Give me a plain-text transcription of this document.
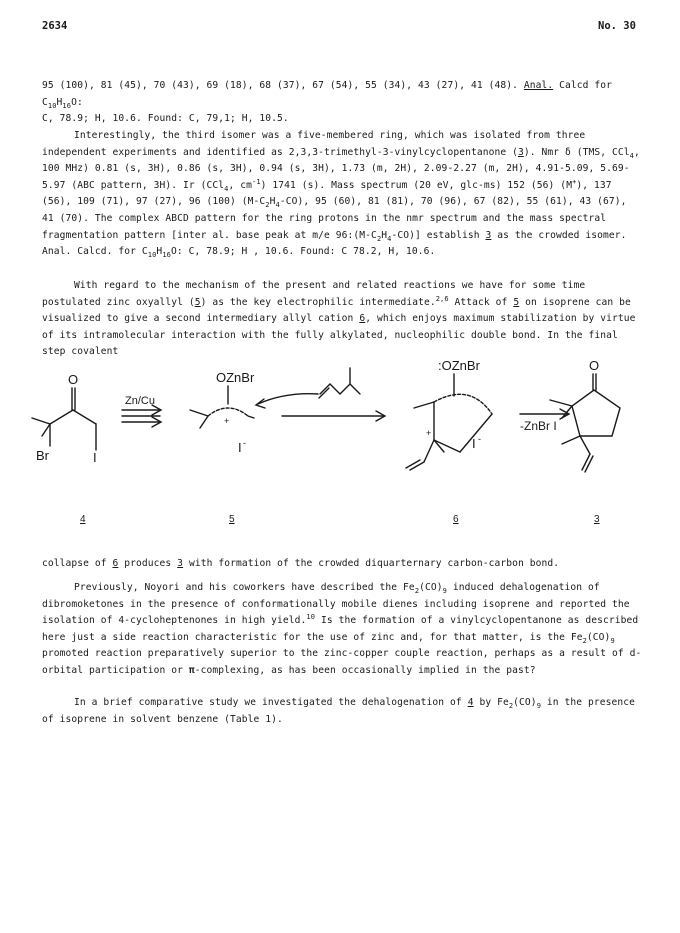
2634	No. 30

95 (100), 81 (45), 70 (43), 69 (18), 68 (37), 67 (54), 55 (34), 43 (27), 41 (48). Anal. Calcd for $C_{10}H_{16}O$:

C, 78.9; H, 10.6. Found: C, 79,1; H, 10.5.

Interestingly, the third isomer was a five-membered ring, which was isolated from three independent experiments and identified as 2,3,3-trimethyl-3-vinylcyclopentanone (3). Nmr δ (TMS, CCl$_4$, 100 MHz) 0.81 (s, 3H), 0.86 (s, 3H), 0.94 (s, 3H), 1.73 (m, 2H), 2.09-2.27 (m, 2H), 4.91-5.09, 5.69-5.97 (ABC pattern, 3H). Ir (CCl$_4$, $cm^{-1}$) 1741 (s). Mass spectrum (20 eV, glc-ms) 152 (56) (M+), 137 (56), 109 (71), 97 (27), 96 (100) $(M-C_2H_4-CO)$, 95 (60), 81 (81), 70 (96), 67 (82), 55 (61), 43 (67), 41 (70). The complex ABCD pattern for the ring protons in the nmr spectrum and the mass spectral fragmentation pattern [inter al. base peak at m/e $96:(M-C_2H_4-CO)$] establish 3 as the crowded isomer. Anal. Calcd. for $C_{10}H_{16}O$: C, 78.9; H , 10.6. Found: C 78.2, H, 10.6.

With regard to the mechanism of the present and related reactions we have for some time postulated zinc oxyallyl (5) as the key electrophilic intermediate.$^{2,6}$ Attack of 5 on isoprene can be visualized to give a second intermediary allyl cation 6, which enjoys maximum stabilization by virtue of its intramolecular interaction with the fully alkylated, nucleophilic double bond. In the final step covalent

O
Br	I
Zn/Cu
OZnBr
+
I -
:OZnBr
+
I -
-ZnBr I
O
4	5	6	3

collapse of 6 produces 3 with formation of the crowded diquarternary carbon-carbon bond.

Previously, Noyori and his coworkers have described the $Fe_2(CO)_9$ induced dehalogenation of dibromoketones in the presence of conformationally mobile dienes including isoprene and reported the isolation of 4-cycloheptenones in high yield.$^{10}$ Is the formation of a vinylcyclopentanone as described here just a side reaction characteristic for the use of zinc and, for that matter, is the $Fe_2(CO)_9$ promoted reaction preparatively superior to the zinc-copper couple reaction, perhaps as a result of d-orbital participation or π-complexing, as has been occasionally implied in the past?

In a brief comparative study we investigated the dehalogenation of 4 by $Fe_2(CO)_9$ in the presence of isoprene in solvent benzene (Table 1).
